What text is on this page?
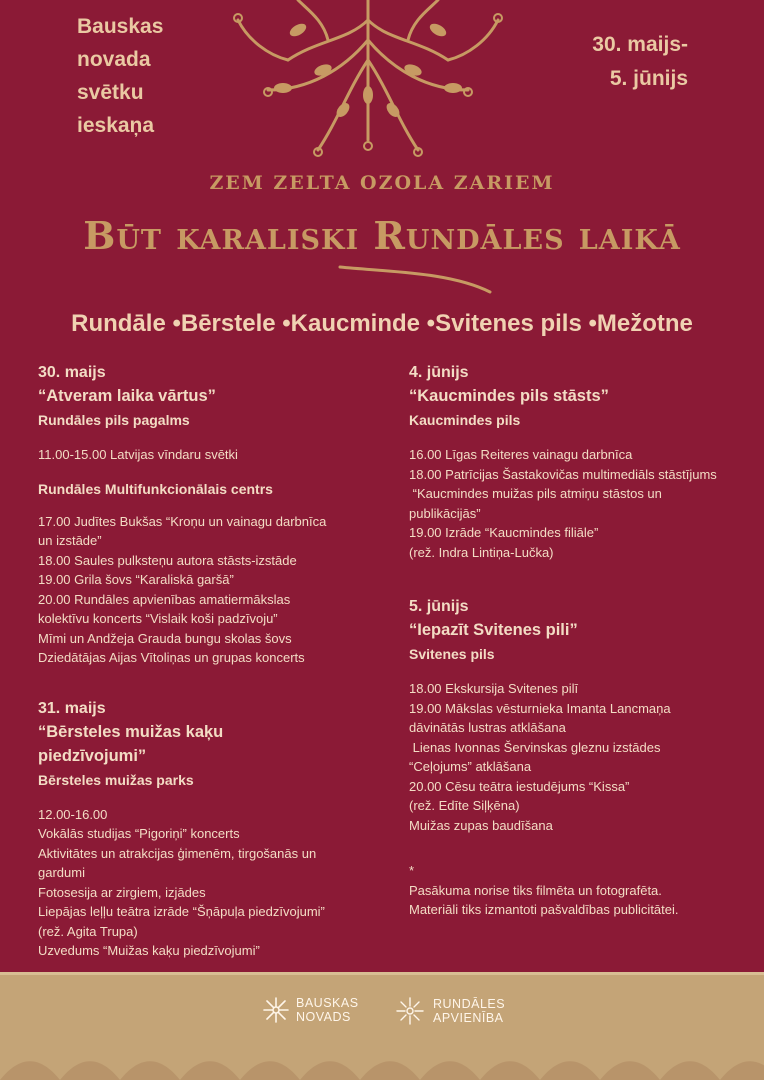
Bauskas
novada
svētku
ieskaņa
30. maijs-
5. jūnijs
ZEM ZELTA OZOLA ZARIEM
Būt karaliski Rundāles laikā
Rundāle •Bērstele •Kaucminde •Svitenes pils •Mežotne
30. maijs
“Atveram laika vārtus”
Rundāles pils pagalms
11.00-15.00 Latvijas vīndaru svētki
Rundāles Multifunkcionālais centrs
17.00 Judītes Bukšas “Kroņu un vainagu darbnīca
un izstāde”
18.00 Saules pulksteņu autora stāsts-izstāde
19.00 Grila šovs “Karaliskā garšā”
20.00 Rundāles apvienības amatiermākslas
kolektīvu koncerts “Vislaik koši padzīvoju”
Mīmi un Andžeja Grauda bungu skolas šovs
Dziedātājas Aijas Vītoliņas un grupas koncerts
31. maijs
“Bērsteles muižas kaķu
piedzīvojumi”
Bērsteles muižas parks
12.00-16.00
Vokālās studijas “Pigoriņi” koncerts
Aktivitātes un atrakcijas ģimenēm, tirgošanās un
gardumi
Fotosesija ar zirgiem, izjādes
Liepājas leļļu teātra izrāde “Šņāpuļa piedzīvojumi”
(rež. Agita Trupa)
Uzvedums “Muižas kaķu piedzīvojumi”
4. jūnijs
“Kaucmindes pils stāsts”
Kaucmindes pils
16.00 Līgas Reiteres vainagu darbnīca
18.00 Patrīcijas Šastakovičas multimediāls stāstījums
“Kaucmindes muižas pils atmiņu stāstos un
publikācijās”
19.00 Izrāde “Kaucmindes filiāle”
(rež. Indra Lintiņa-Lučka)
5. jūnijs
“Iepazīt Svitenes pili”
Svitenes pils
18.00 Ekskursija Svitenes pilī
19.00 Mākslas vēsturnieka Imanta Lancmaņa
dāvinātās lustras atklāšana
Lienas Ivonnas Šervinskas gleznu izstādes
“Ceļojums” atklāšana
20.00 Cēsu teātra iestudējums “Kissa”
(rež. Edīte Siļķēna)
Muižas zupas baudīšana
*
Pasākuma norise tiks filmēta un fotografēta.
Materiāli tiks izmantoti pašvaldības publicitātei.
BAUSKAS
NOVADS
RUNDĀLES
APVIENĪBA
